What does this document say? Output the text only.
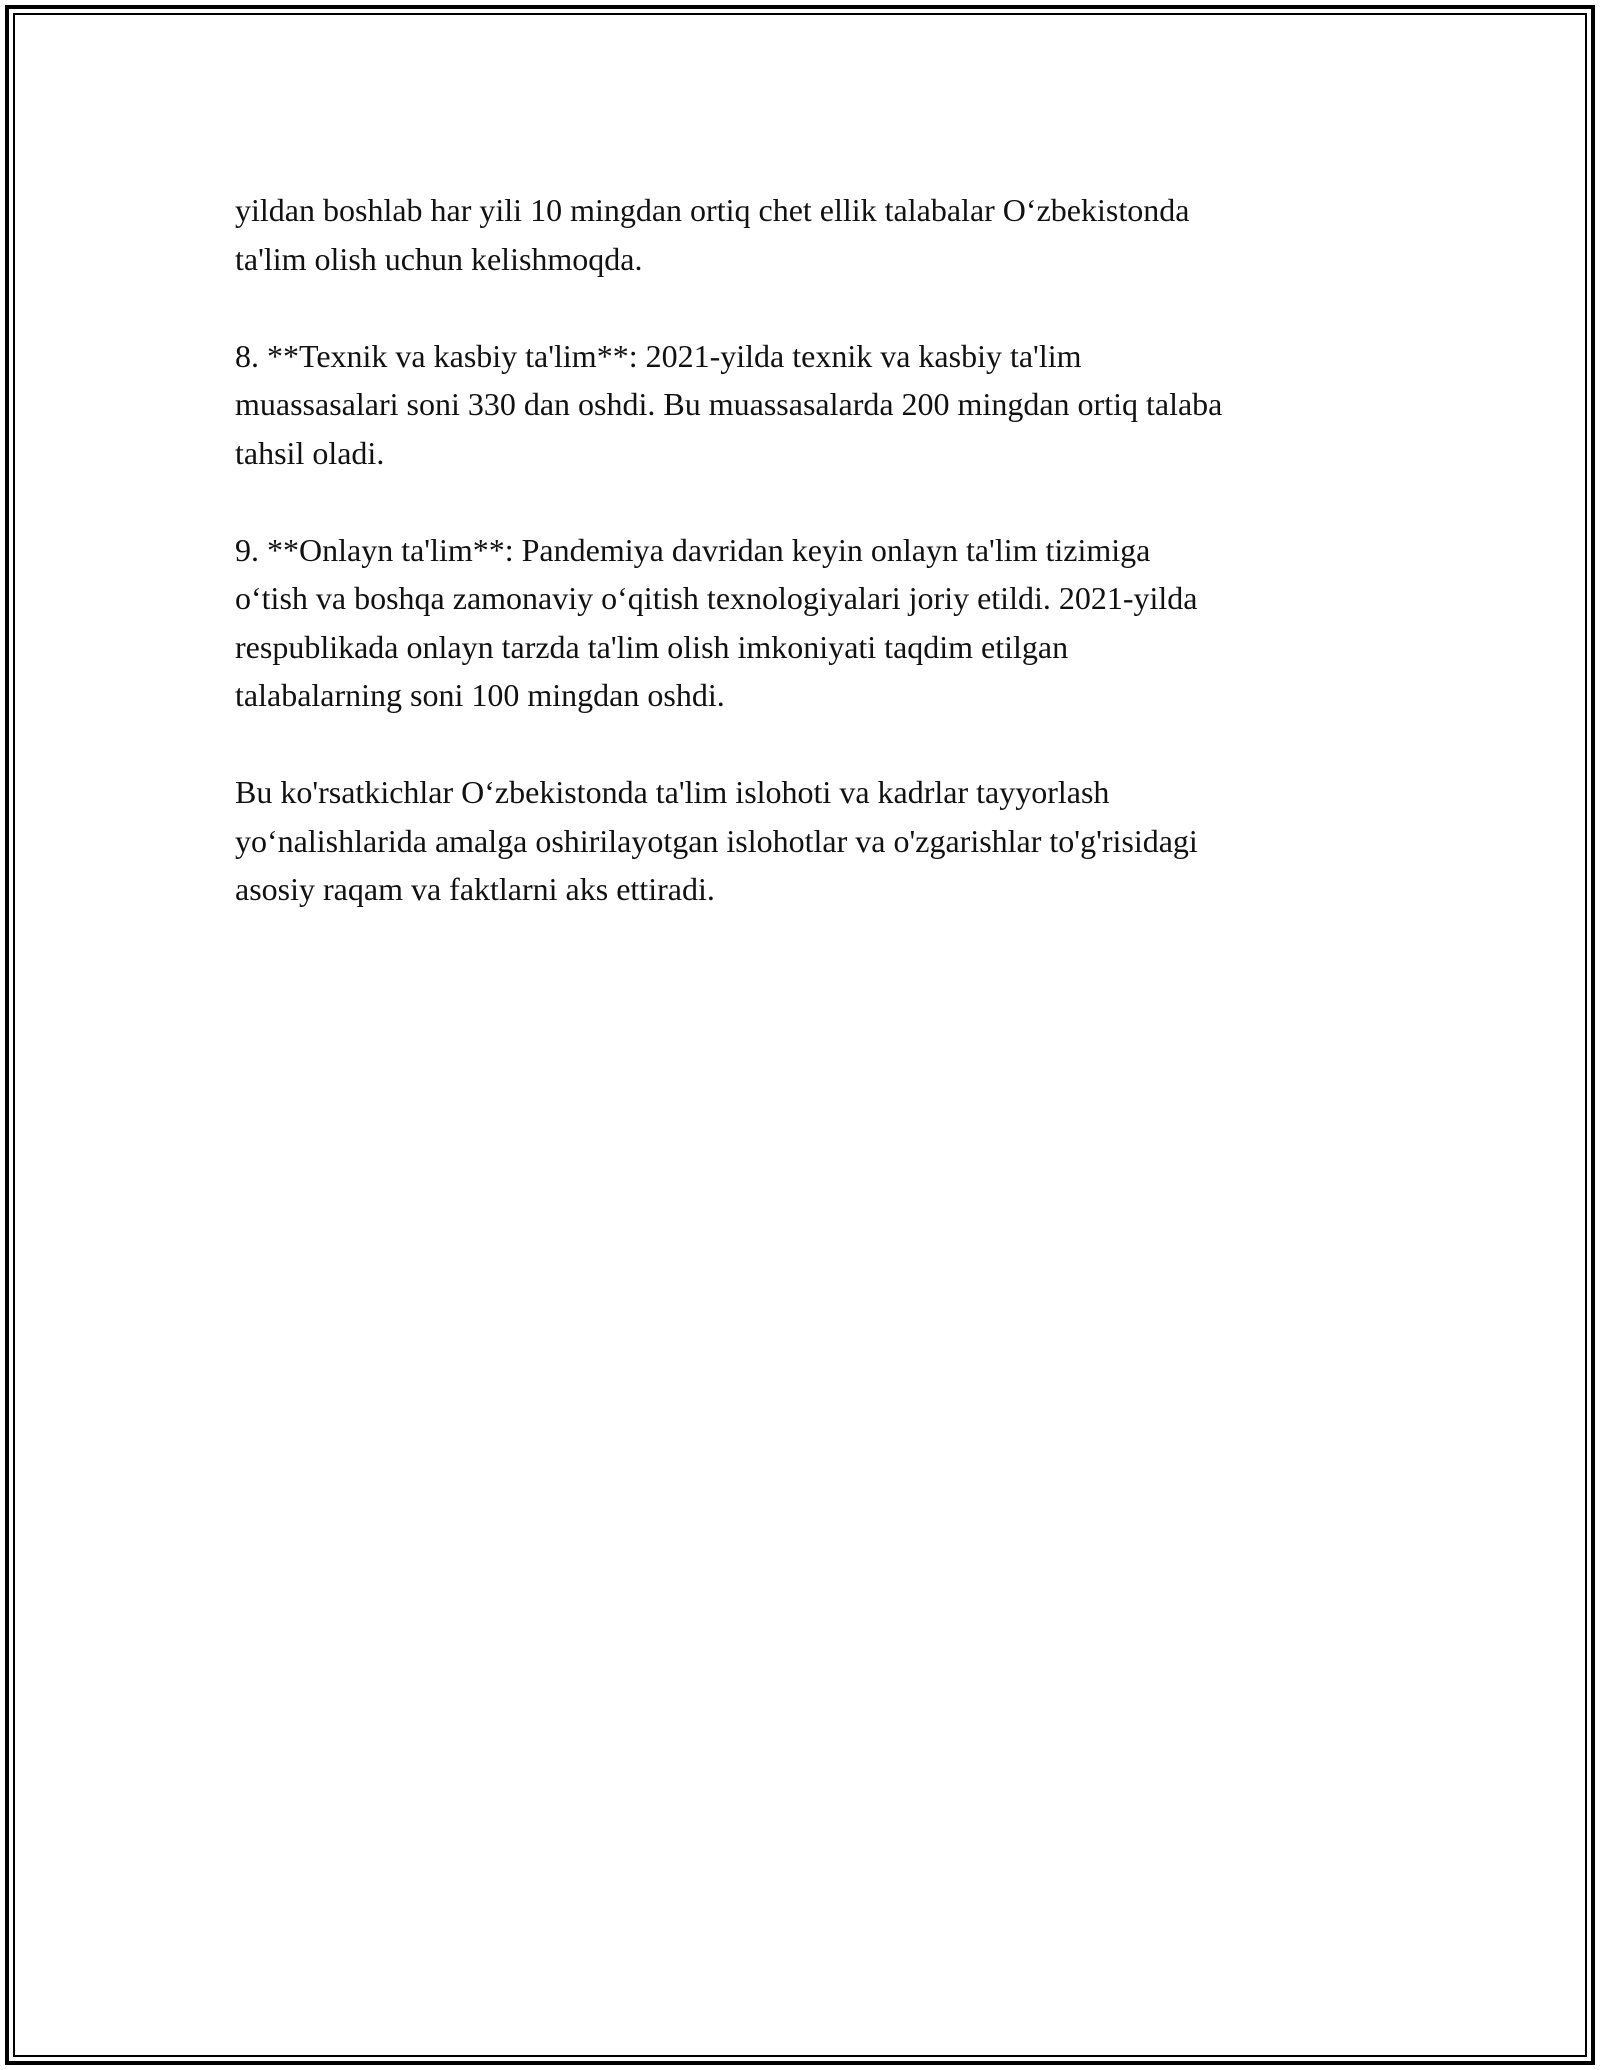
yildan boshlab har yili 10 mingdan ortiq chet ellik talabalar O‘zbekistonda
ta'lim olish uchun kelishmoqda.

8. **Texnik va kasbiy ta'lim**: 2021-yilda texnik va kasbiy ta'lim
muassasalari soni 330 dan oshdi. Bu muassasalarda 200 mingdan ortiq talaba
tahsil oladi.

9. **Onlayn ta'lim**: Pandemiya davridan keyin onlayn ta'lim tizimiga
o‘tish va boshqa zamonaviy o‘qitish texnologiyalari joriy etildi. 2021-yilda
respublikada onlayn tarzda ta'lim olish imkoniyati taqdim etilgan
talabalarning soni 100 mingdan oshdi.

Bu ko'rsatkichlar O‘zbekistonda ta'lim islohoti va kadrlar tayyorlash
yo‘nalishlarida amalga oshirilayotgan islohotlar va o'zgarishlar to'g'risidagi
asosiy raqam va faktlarni aks ettiradi.
